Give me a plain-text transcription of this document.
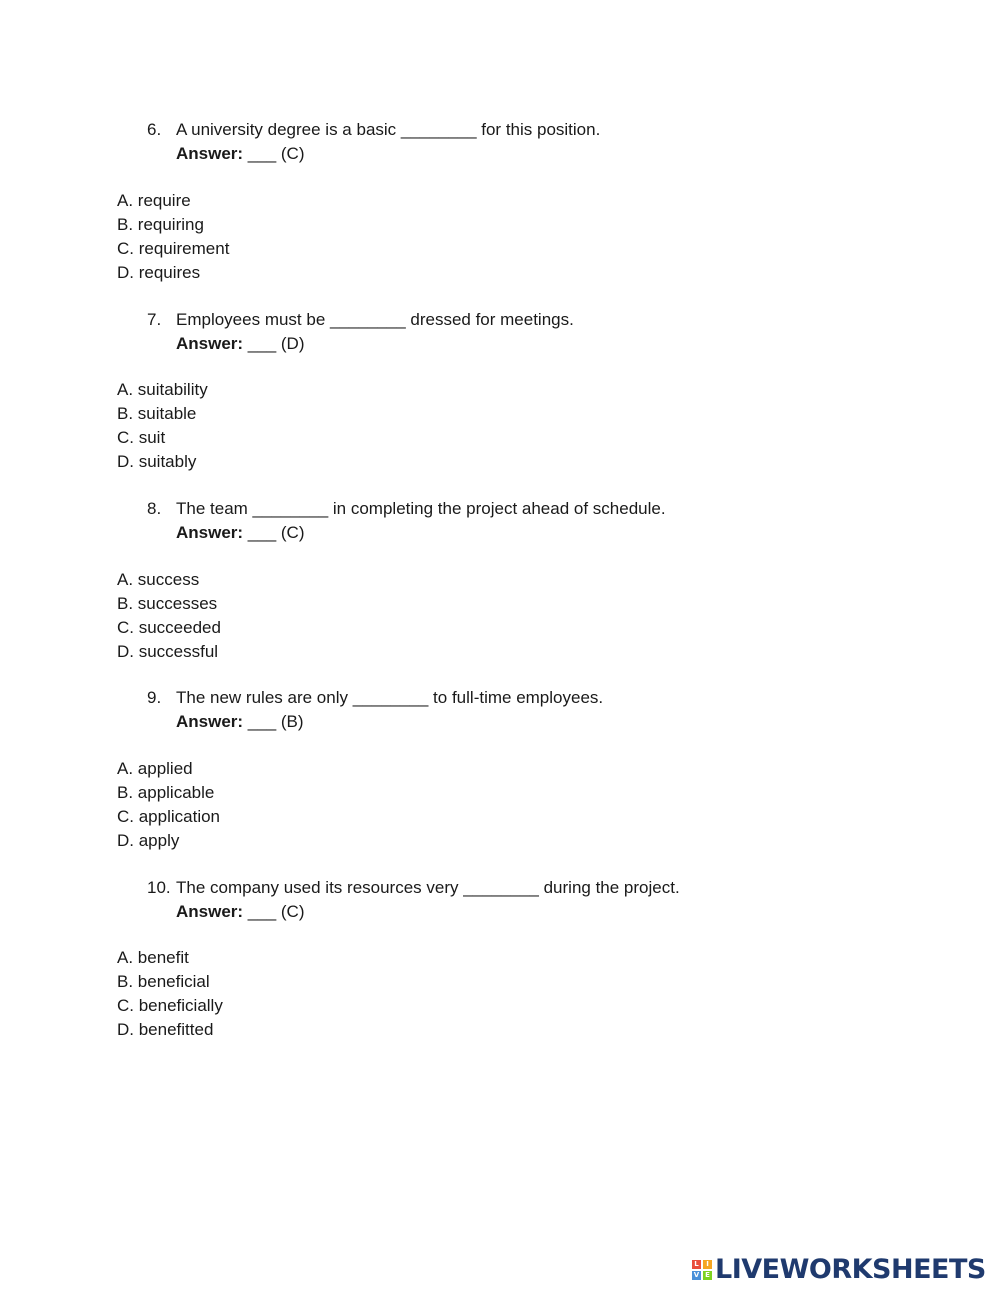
6. A university degree is a basic ________ for this position.
Answer: ___ (C)
A. require
B. requiring
C. requirement
D. requires
7. Employees must be ________ dressed for meetings.
Answer: ___ (D)
A. suitability
B. suitable
C. suit
D. suitably
8. The team ________ in completing the project ahead of schedule.
Answer: ___ (C)
A. success
B. successes
C. succeeded
D. successful
9. The new rules are only ________ to full-time employees.
Answer: ___ (B)
A. applied
B. applicable
C. application
D. apply
10. The company used its resources very ________ during the project.
Answer: ___ (C)
A. benefit
B. beneficial
C. beneficially
D. benefitted
L	I
V E LIVEWORKSHEETS
